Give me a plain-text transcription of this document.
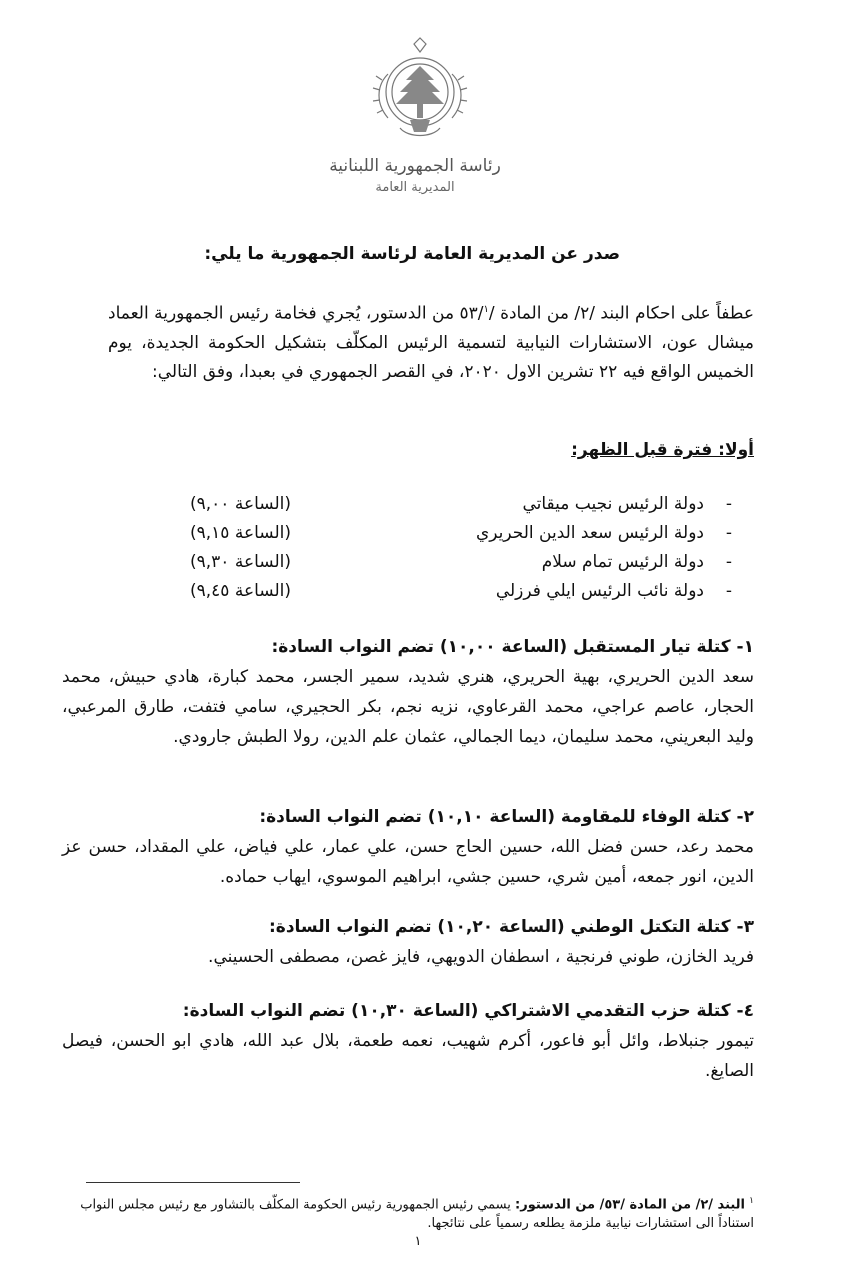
رئاسة الجمهورية اللبنانية
المديرية العامة
صدر عن المديرية العامة لرئاسة الجمهورية ما يلي:
عطفاً على احكام البند /٢/ من المادة /٥٣/$^١$ من الدستور، يُجري فخامة رئيس الجمهورية العماد ميشال عون، الاستشارات النيابية لتسمية الرئيس المكلّف بتشكيل الحكومة الجديدة، يوم الخميس الواقع فيه ٢٢ تشرين الاول ٢٠٢٠، في القصر الجمهوري في بعبدا، وفق التالي:
أولا: فترة قبل الظهر:
-
دولة الرئيس نجيب ميقاتي
(الساعة ٩,٠٠)
-
دولة الرئيس سعد الدين الحريري
(الساعة ٩,١٥)
-
دولة الرئيس تمام سلام
(الساعة ٩,٣٠)
-
دولة نائب الرئيس ايلي فرزلي
(الساعة ٩,٤٥)
١- كتلة تيار المستقبل (الساعة ١٠,٠٠) تضم النواب السادة:
سعد الدين الحريري، بهية الحريري، هنري شديد، سمير الجسر، محمد كبارة، هادي حبيش، محمد الحجار، عاصم عراجي، محمد القرعاوي، نزيه نجم، بكر الحجيري، سامي فتفت، طارق المرعبي، وليد البعريني، محمد سليمان، ديما الجمالي، عثمان علم الدين، رولا الطبش جارودي.
٢- كتلة الوفاء للمقاومة (الساعة ١٠,١٠) تضم النواب السادة:
محمد رعد، حسن فضل الله، حسين الحاج حسن، علي عمار، علي فياض، علي المقداد، حسن عز الدين، انور جمعه، أمين شري، حسين جشي، ابراهيم الموسوي، ايهاب حماده.
٣- كتلة التكتل الوطني (الساعة ١٠,٢٠) تضم النواب السادة:
فريد الخازن، طوني فرنجية ، اسطفان الدويهي، فايز غصن، مصطفى الحسيني.
٤- كتلة حزب التقدمي الاشتراكي (الساعة ١٠,٣٠) تضم النواب السادة:
تيمور جنبلاط، وائل أبو فاعور، أكرم شهيب، نعمه طعمة، بلال عبد الله، هادي ابو الحسن، فيصل الصايغ.
$^١$ البند /٢/ من المادة /٥٣/ من الدستور: يسمي رئيس الجمهورية رئيس الحكومة المكلّف بالتشاور مع رئيس مجلس النواب استناداً الى استشارات نيابية ملزمة يطلعه رسمياً على نتائجها.
١
